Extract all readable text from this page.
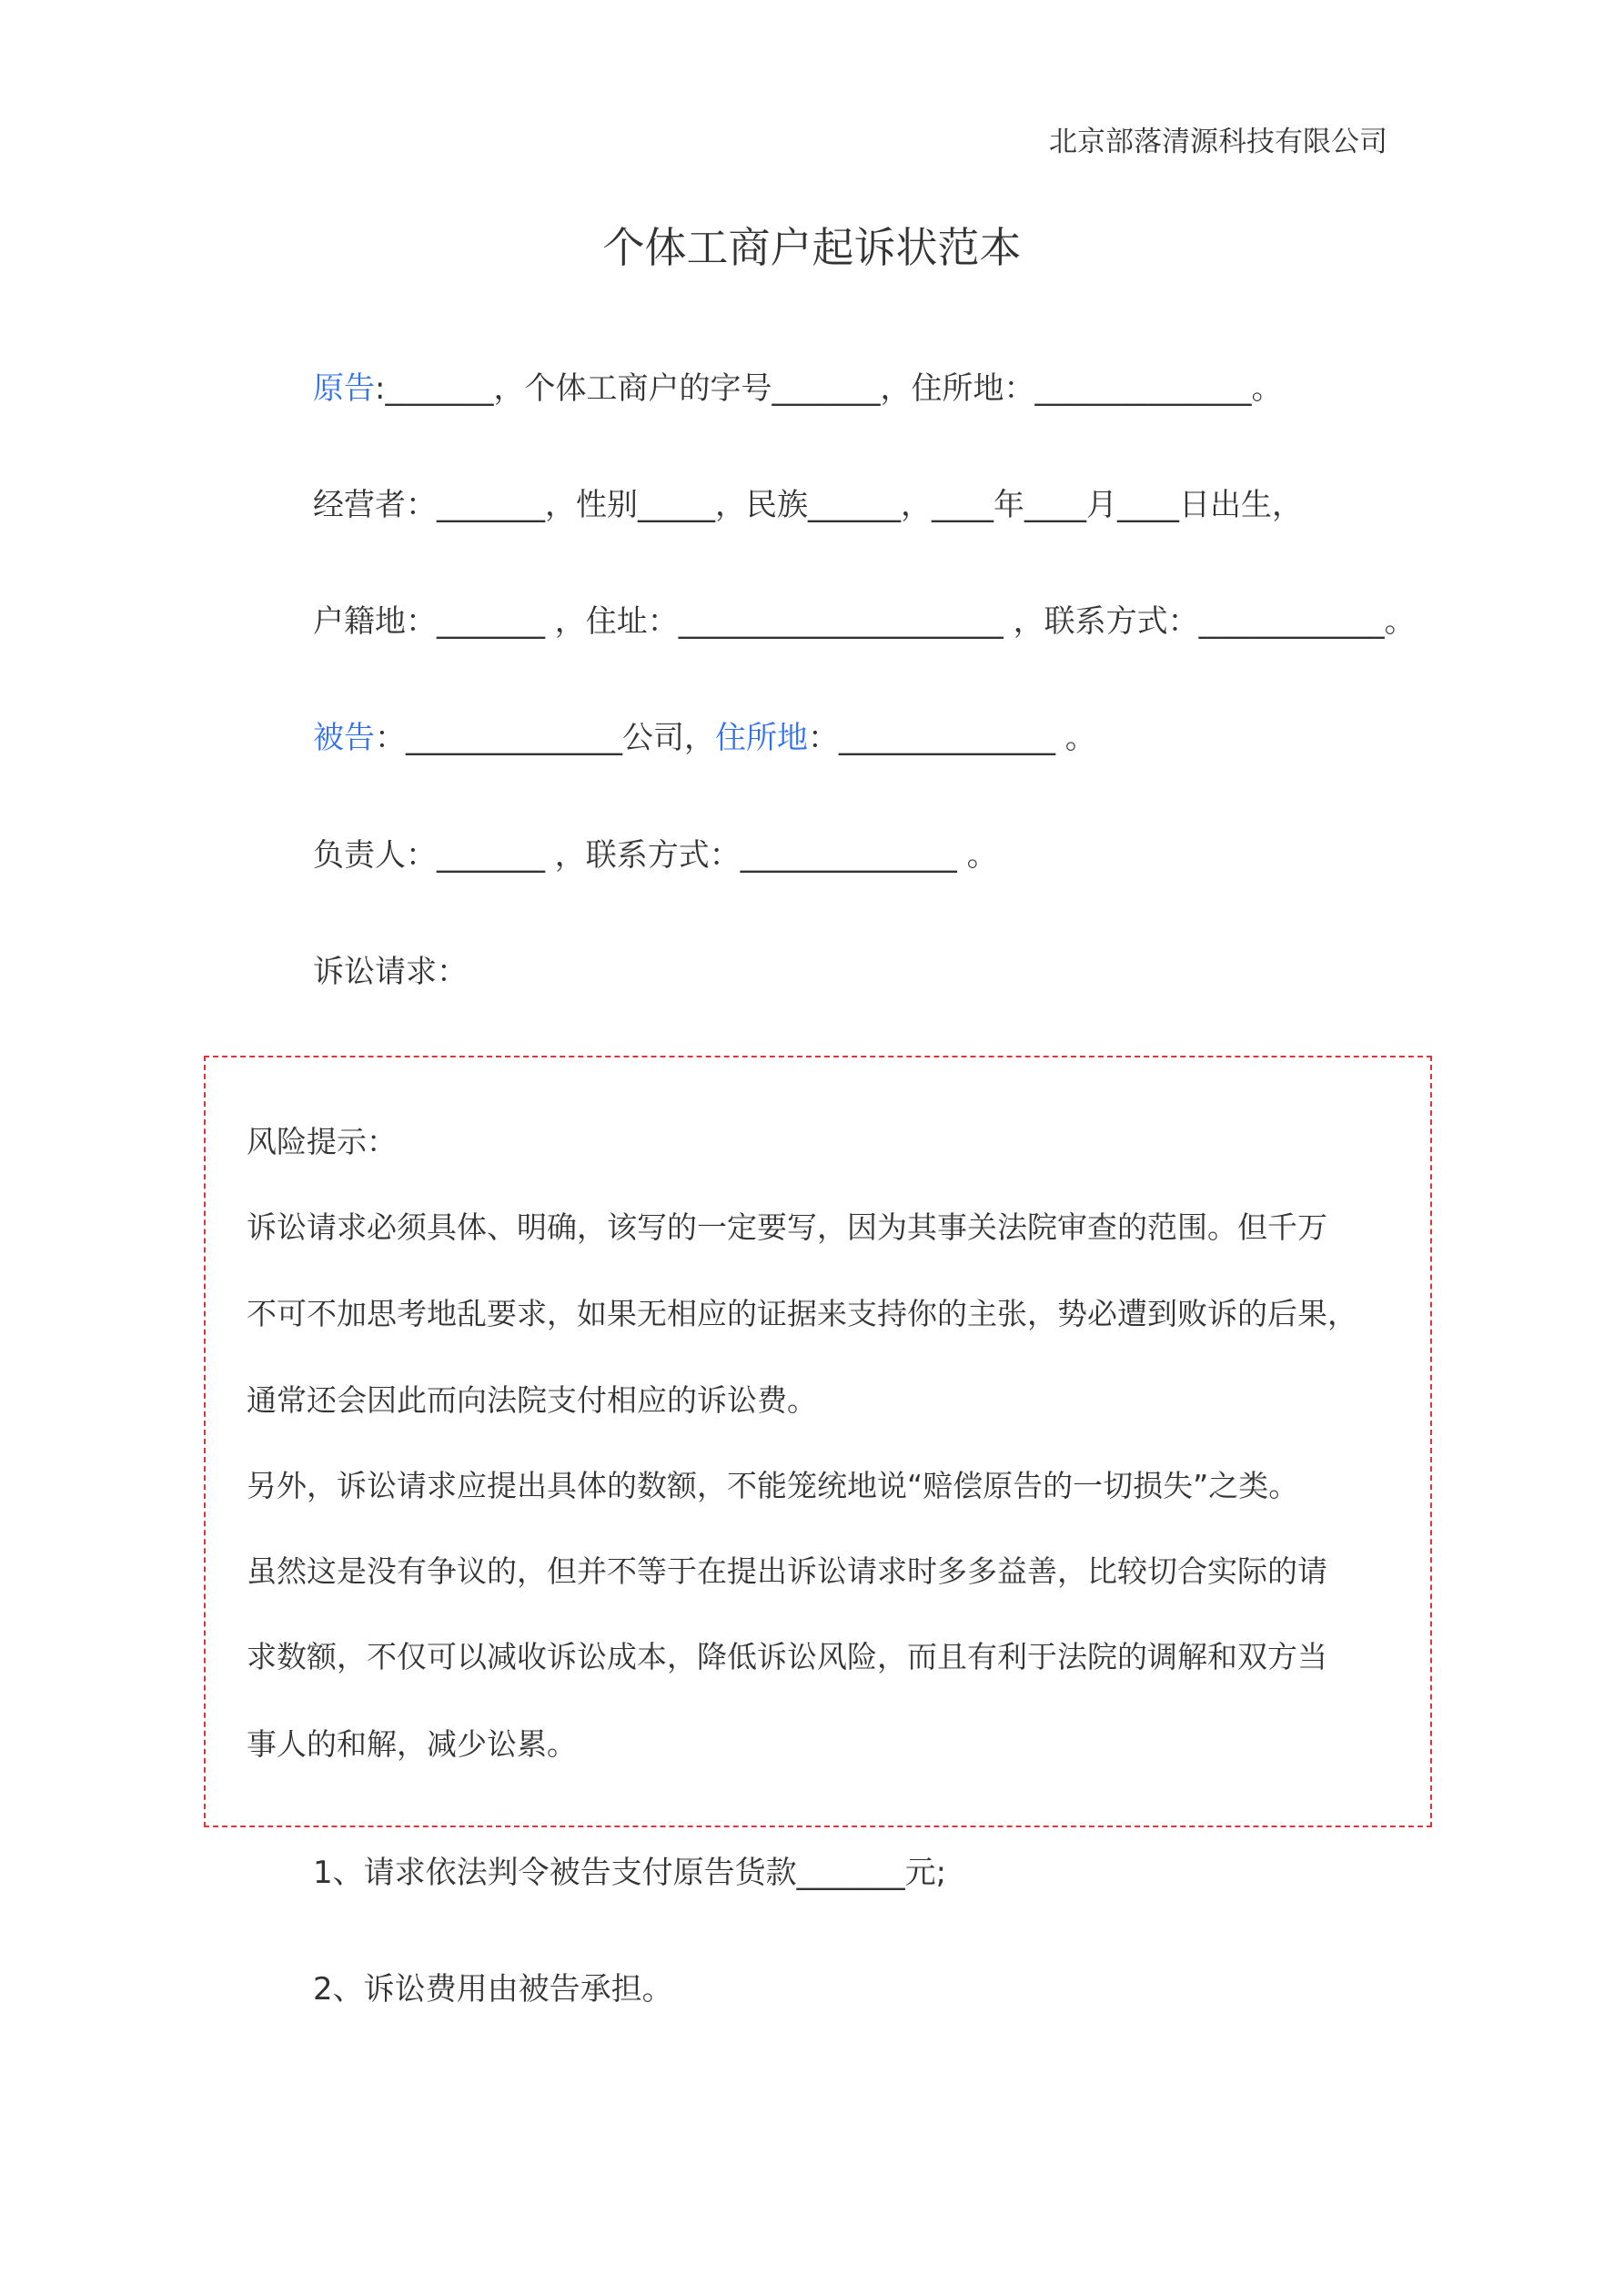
北京部落清源科技有限公司
个体工商户起诉状范本
原告:_______，个体工商户的字号_______，住所地：______________。
经营者：_______，性别_____，民族______，____年____月____日出生，
户籍地：_______ ，住址：_____________________ ，联系方式：____________。
被告：______________公司，住所地：______________ 。
负责人：_______ ，联系方式：______________ 。
诉讼请求：
风险提示：
诉讼请求必须具体、明确，该写的一定要写，因为其事关法院审查的范围。但千万
不可不加思考地乱要求，如果无相应的证据来支持你的主张，势必遭到败诉的后果，
通常还会因此而向法院支付相应的诉讼费。
另外，诉讼请求应提出具体的数额，不能笼统地说“赔偿原告的一切损失”之类。
虽然这是没有争议的，但并不等于在提出诉讼请求时多多益善，比较切合实际的请
求数额，不仅可以减收诉讼成本，降低诉讼风险，而且有利于法院的调解和双方当
事人的和解，减少讼累。
1、请求依法判令被告支付原告货款_______元;
2、诉讼费用由被告承担。
